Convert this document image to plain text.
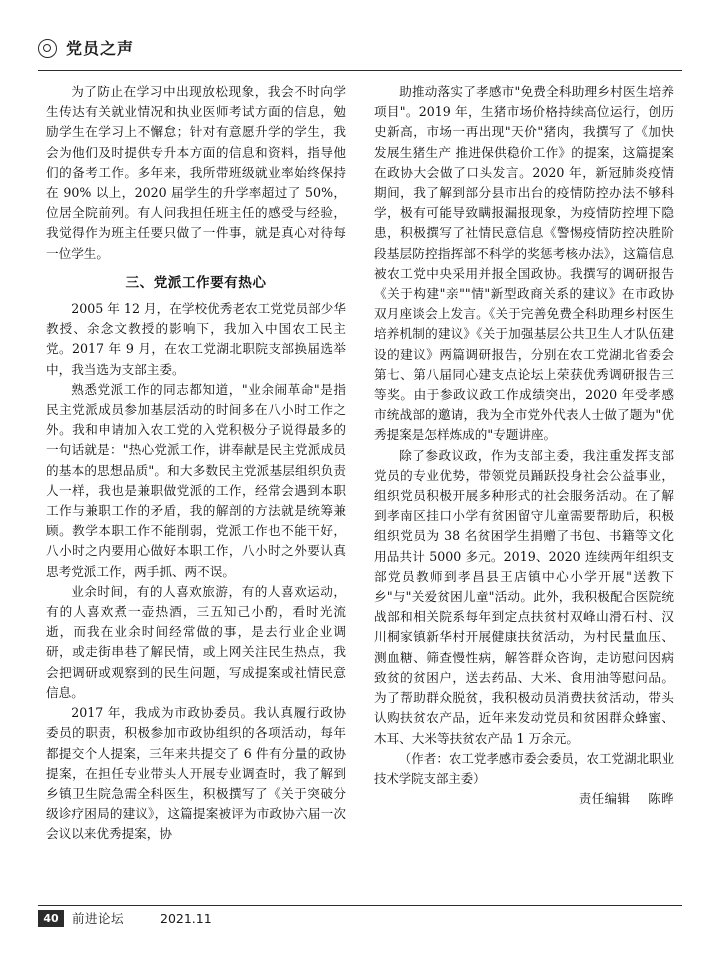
党员之声

为了防止在学习中出现放松现象，我会不时向学生传达有关就业情况和执业医师考试方面的信息，勉励学生在学习上不懈怠；针对有意愿升学的学生，我会为他们及时提供专升本方面的信息和资料，指导他们的备考工作。多年来，我所带班级就业率始终保持在 90% 以上，2020 届学生的升学率超过了 50%，位居全院前列。有人问我担任班主任的感受与经验，我觉得作为班主任要只做了一件事，就是真心对待每一位学生。

三、党派工作要有热心

2005 年 12 月，在学校优秀老农工党党员部少华教授、余念文教授的影响下，我加入中国农工民主党。2017 年 9 月，在农工党湖北职院支部换届选举中，我当选为支部主委。

熟悉党派工作的同志都知道，"业余闹革命"是指民主党派成员参加基层活动的时间多在八小时工作之外。我和申请加入农工党的入党积极分子说得最多的一句话就是："热心党派工作，讲奉献是民主党派成员的基本的思想品质"。和大多数民主党派基层组织负责人一样，我也是兼职做党派的工作，经常会遇到本职工作与兼职工作的矛盾，我的解剖的方法就是统筹兼顾。教学本职工作不能削弱，党派工作也不能干好，八小时之内要用心做好本职工作，八小时之外要认真思考党派工作，两手抓、两不误。

业余时间，有的人喜欢旅游，有的人喜欢运动，有的人喜欢煮一壶热酒，三五知己小酌，看时光流逝，而我在业余时间经常做的事，是去行业企业调研，或走街串巷了解民情，或上网关注民生热点，我会把调研或观察到的民生问题，写成提案或社情民意信息。

2017 年，我成为市政协委员。我认真履行政协委员的职责，积极参加市政协组织的各项活动，每年都提交个人提案，三年来共提交了 6 件有分量的政协提案，在担任专业带头人开展专业调查时，我了解到乡镇卫生院急需全科医生，积极撰写了《关于突破分级诊疗困局的建议》，这篇提案被评为市政协六届一次会议以来优秀提案，协

助推动落实了孝感市"免费全科助理乡村医生培养项目"。2019 年，生猪市场价格持续高位运行，创历史新高，市场一再出现"天价"猪肉，我撰写了《加快发展生猪生产 推进保供稳价工作》的提案，这篇提案在政协大会做了口头发言。2020 年，新冠肺炎疫情期间，我了解到部分县市出台的疫情防控办法不够科学，极有可能导致瞒报漏报现象，为疫情防控埋下隐患，积极撰写了社情民意信息《警惕疫情防控决胜阶段基层防控指挥部不科学的奖惩考核办法》，这篇信息被农工党中央采用并报全国政协。我撰写的调研报告《关于构建"亲""情"新型政商关系的建议》在市政协双月座谈会上发言。《关于完善免费全科助理乡村医生培养机制的建议》《关于加强基层公共卫生人才队伍建设的建议》两篇调研报告，分别在农工党湖北省委会第七、第八届同心建支点论坛上荣获优秀调研报告三等奖。由于参政议政工作成绩突出，2020 年受孝感市统战部的邀请，我为全市党外代表人士做了题为"优秀提案是怎样炼成的"专题讲座。

除了参政议政，作为支部主委，我注重发挥支部党员的专业优势，带领党员踊跃投身社会公益事业，组织党员积极开展多种形式的社会服务活动。在了解到孝南区挂口小学有贫困留守儿童需要帮助后，积极组织党员为 38 名贫困学生捐赠了书包、书籍等文化用品共计 5000 多元。2019、2020 连续两年组织支部党员教师到孝昌县王店镇中心小学开展"送教下乡"与"关爱贫困儿童"活动。此外，我积极配合医院统战部和相关院系每年到定点扶贫村双峰山滑石村、汉川桐家镇新华村开展健康扶贫活动，为村民量血压、测血糖、筛查慢性病，解答群众咨询，走访慰问因病致贫的贫困户，送去药品、大米、食用油等慰问品。为了帮助群众脱贫，我积极动员消费扶贫活动，带头认购扶贫农产品，近年来发动党员和贫困群众蜂蜜、木耳、大米等扶贫农产品 1 万余元。

（作者：农工党孝感市委会委员，农工党湖北职业技术学院支部主委）

责任编辑 陈晔

40	前进论坛	2021.11
